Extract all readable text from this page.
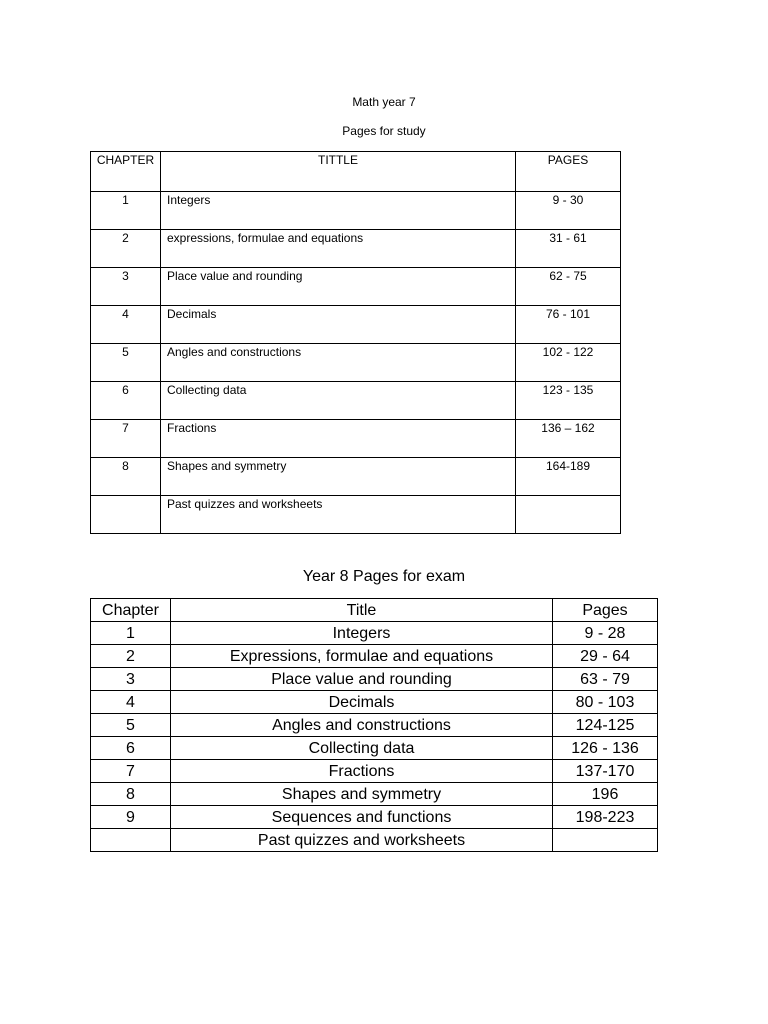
Math year 7
Pages for study
CHAPTER	TITTLE	PAGES
1	Integers	9 - 30
2	expressions, formulae and equations	31 - 61
3	Place value and rounding	62 - 75
4	Decimals	76 - 101
5	Angles and constructions	102 - 122
6	Collecting data	123 - 135
7	Fractions	136 – 162
8	Shapes and symmetry	164-189
	Past quizzes and worksheets	
Year 8 Pages for exam
Chapter	Title	Pages
1	Integers	9 - 28
2	Expressions, formulae and equations	29 - 64
3	Place value and rounding	63 - 79
4	Decimals	80 - 103
5	Angles and constructions	124-125
6	Collecting data	126 - 136
7	Fractions	137-170
8	Shapes and symmetry	196
9	Sequences and functions	198-223
	Past quizzes and worksheets	
